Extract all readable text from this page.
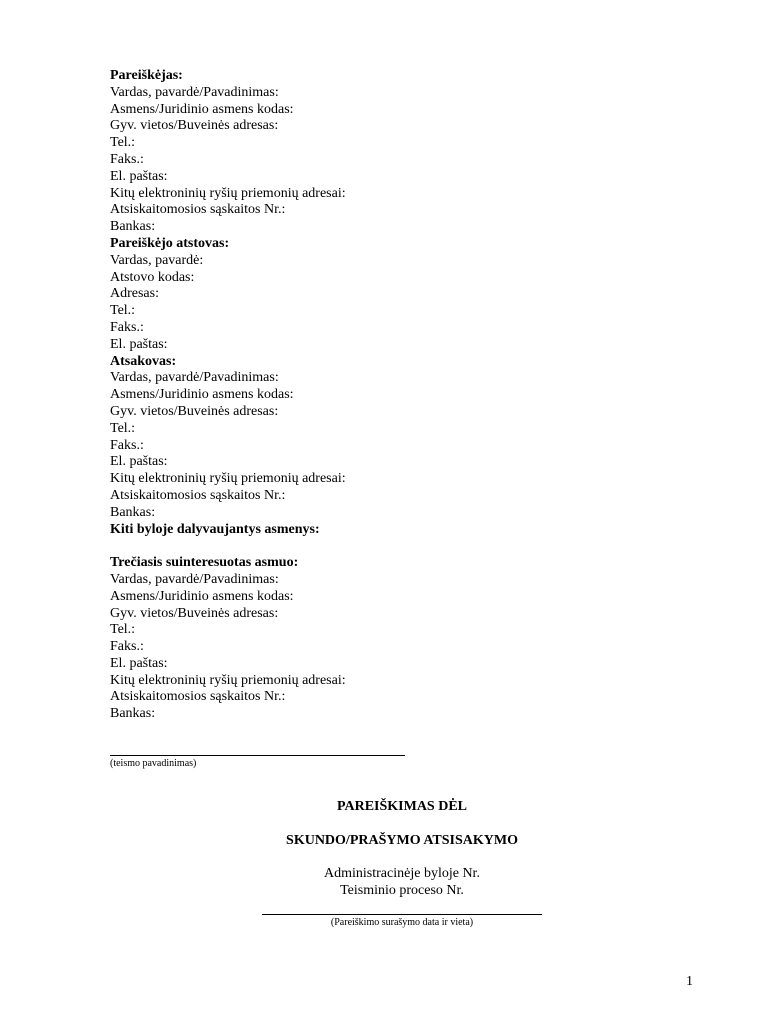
Pareiškėjas:
Vardas, pavardė/Pavadinimas:
Asmens/Juridinio asmens kodas:
Gyv. vietos/Buveinės adresas:
Tel.:
Faks.:
El. paštas:
Kitų elektroninių ryšių priemonių adresai:
Atsiskaitomosios sąskaitos Nr.:
Bankas:
Pareiškėjo atstovas:
Vardas, pavardė:
Atstovo kodas:
Adresas:
Tel.:
Faks.:
El. paštas:
Atsakovas:
Vardas, pavardė/Pavadinimas:
Asmens/Juridinio asmens kodas:
Gyv. vietos/Buveinės adresas:
Tel.:
Faks.:
El. paštas:
Kitų elektroninių ryšių priemonių adresai:
Atsiskaitomosios sąskaitos Nr.:
Bankas:
Kiti byloje dalyvaujantys asmenys:
Trečiasis suinteresuotas asmuo:
Vardas, pavardė/Pavadinimas:
Asmens/Juridinio asmens kodas:
Gyv. vietos/Buveinės adresas:
Tel.:
Faks.:
El. paštas:
Kitų elektroninių ryšių priemonių adresai:
Atsiskaitomosios sąskaitos Nr.:
Bankas:
(teismo pavadinimas)
PAREIŠKIMAS DĖL
SKUNDO/PRAŠYMO ATSISAKYMO
Administracinėje byloje Nr.
Teisminio proceso Nr.
(Pareiškimo surašymo data ir vieta)
1
